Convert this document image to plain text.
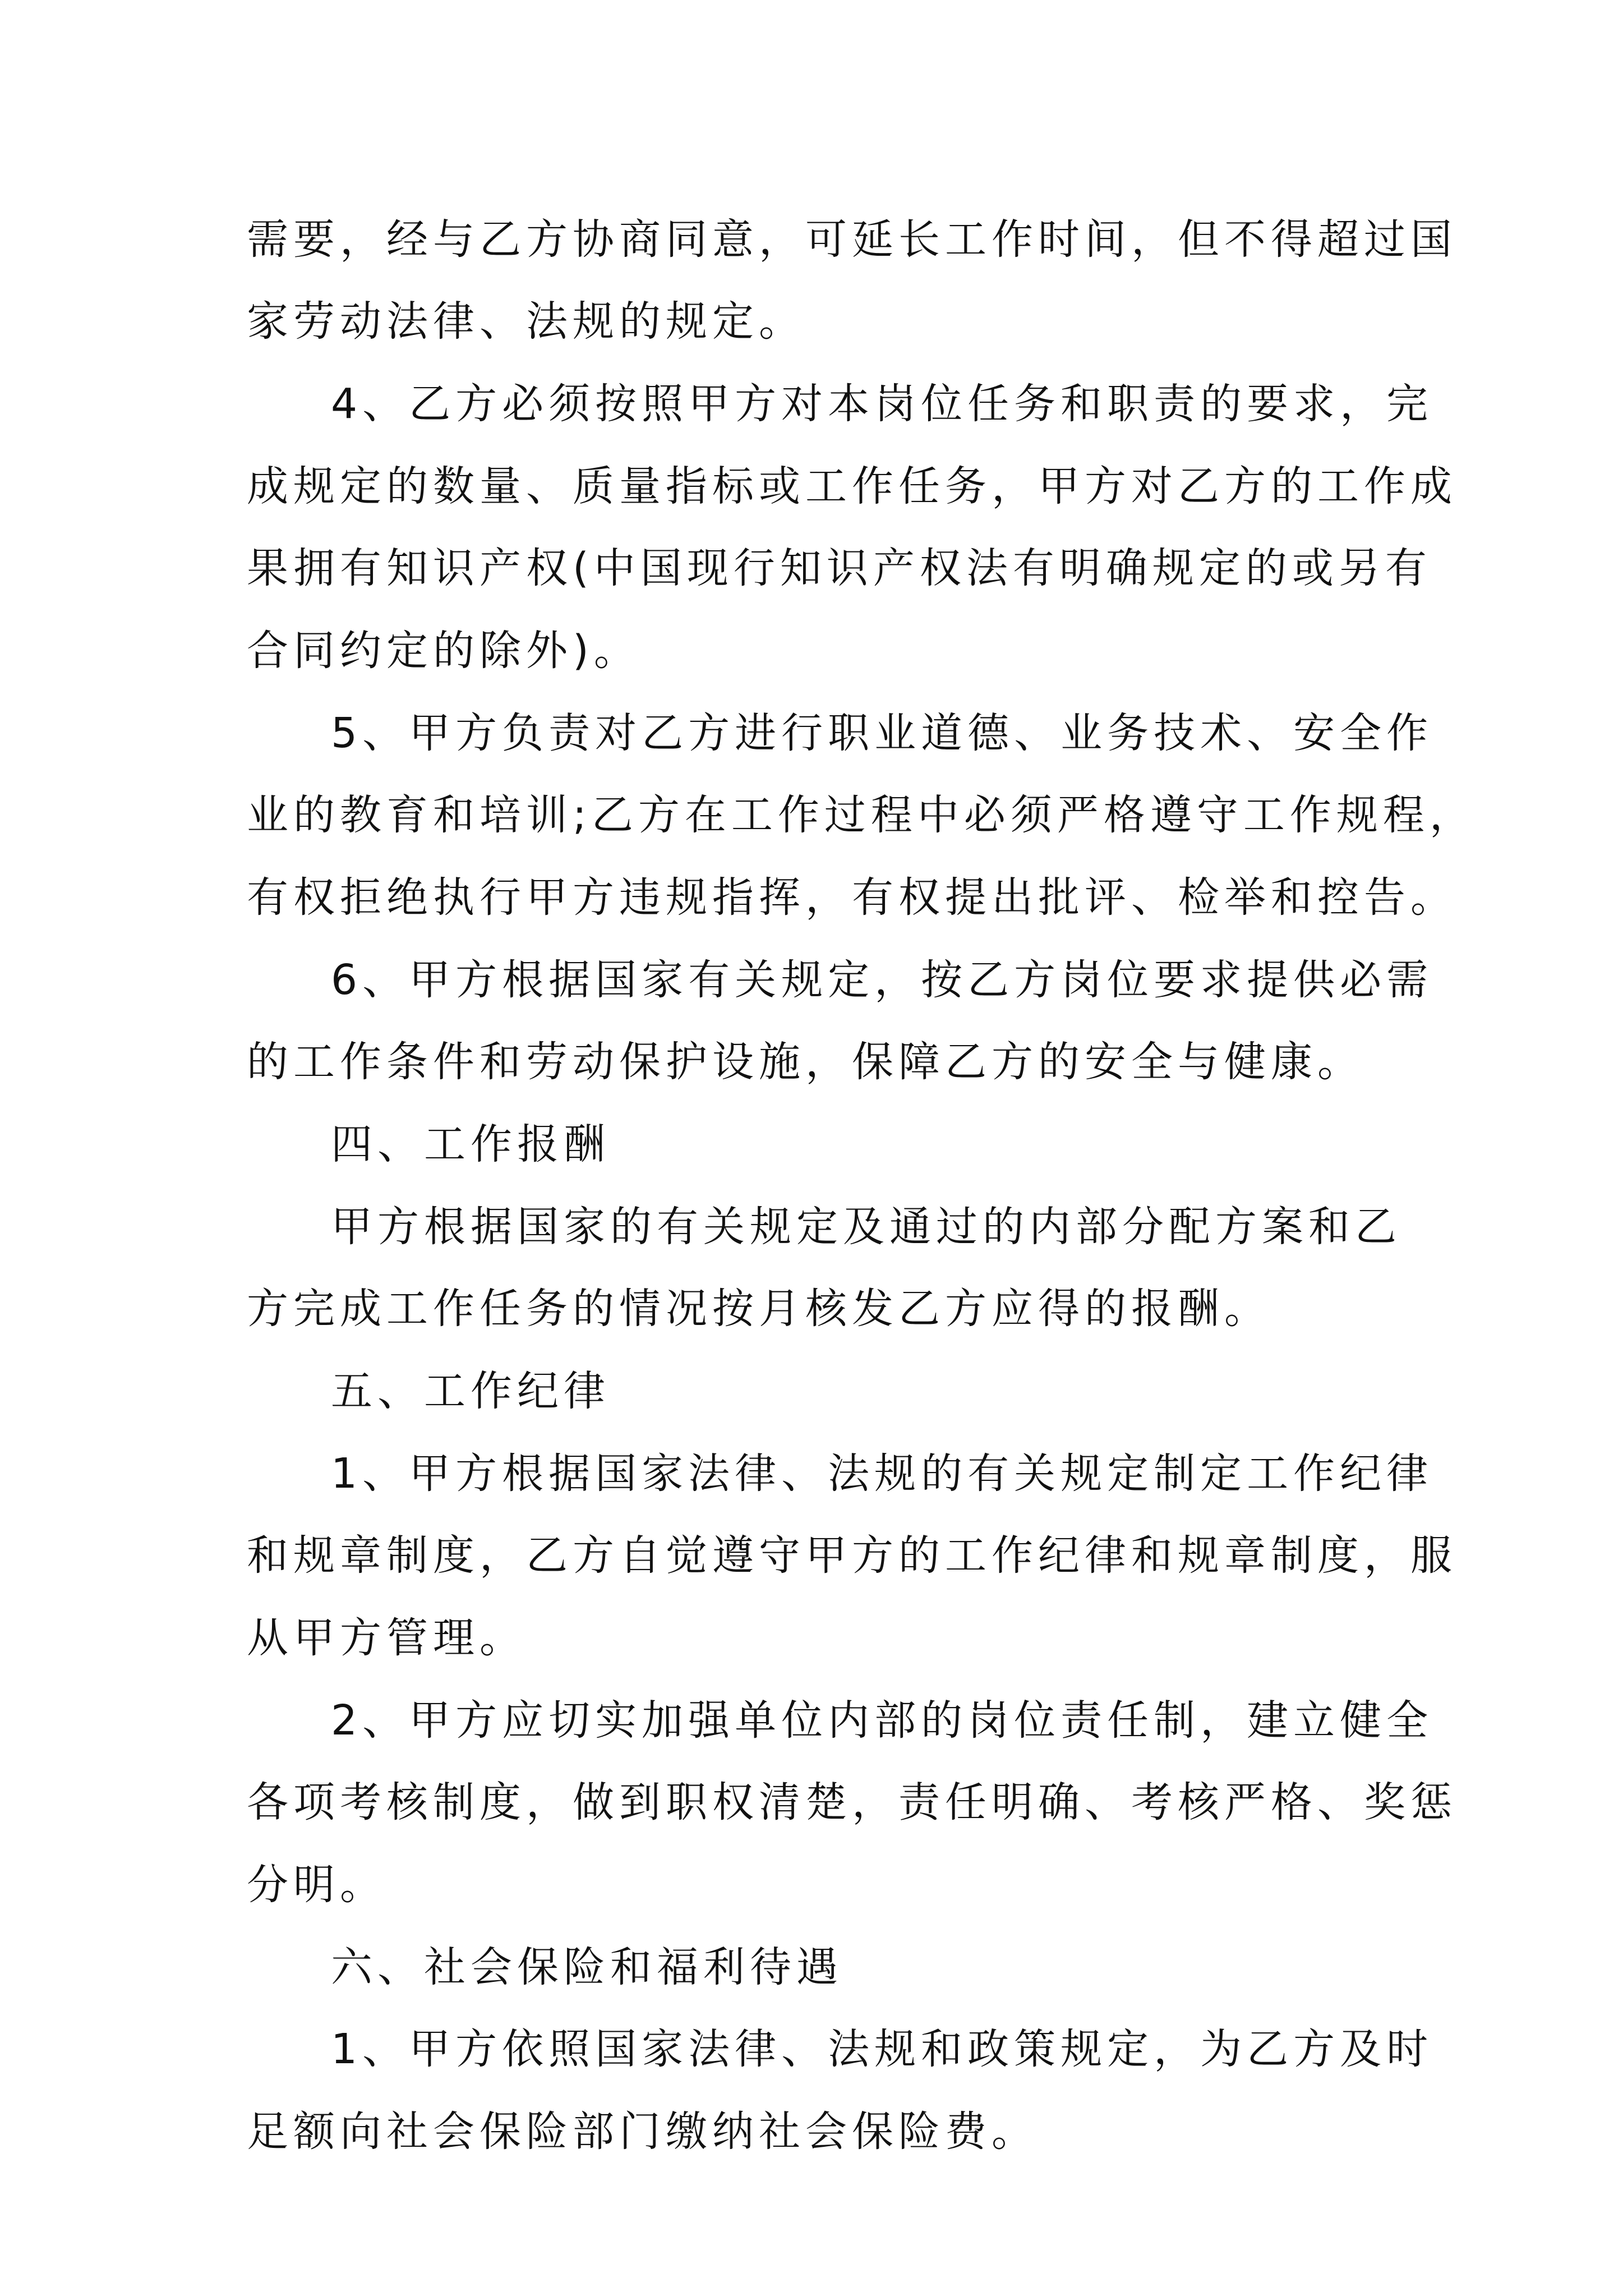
需要，经与乙方协商同意，可延长工作时间，但不得超过国
家劳动法律、法规的规定。
4、乙方必须按照甲方对本岗位任务和职责的要求，完
成规定的数量、质量指标或工作任务，甲方对乙方的工作成
果拥有知识产权(中国现行知识产权法有明确规定的或另有
合同约定的除外)。
5、甲方负责对乙方进行职业道德、业务技术、安全作
业的教育和培训;乙方在工作过程中必须严格遵守工作规程，
有权拒绝执行甲方违规指挥，有权提出批评、检举和控告。
6、甲方根据国家有关规定，按乙方岗位要求提供必需
的工作条件和劳动保护设施，保障乙方的安全与健康。
四、工作报酬
甲方根据国家的有关规定及通过的内部分配方案和乙
方完成工作任务的情况按月核发乙方应得的报酬。
五、工作纪律
1、甲方根据国家法律、法规的有关规定制定工作纪律
和规章制度，乙方自觉遵守甲方的工作纪律和规章制度，服
从甲方管理。
2、甲方应切实加强单位内部的岗位责任制，建立健全
各项考核制度，做到职权清楚，责任明确、考核严格、奖惩
分明。
六、社会保险和福利待遇
1、甲方依照国家法律、法规和政策规定，为乙方及时
足额向社会保险部门缴纳社会保险费。
